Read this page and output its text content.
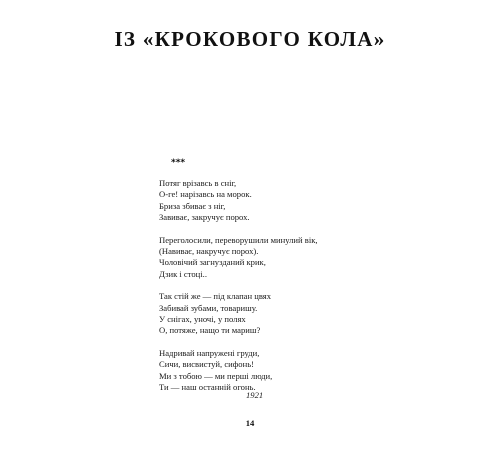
ІЗ «КРОКОВОГО КОЛА»
***
Потяг врізавсь в сніг,
О-ге! нарізавсь на морок.
Бриза збиває з ніг,
Завиває, закручує порох.
Переголосили, переворушили минулий вік,
(Навиває, накручує порох).
Чоловічий загнузданий крик,
Дзик і стоці..
Так стій же — під клапан цвях
Забивай зубами, товаришу.
У снігах, уночі, у полях
О, потяже, нащо ти мариш?
Надривай напружені груди,
Сичи, висвистуй, сифонь!
Ми з тобою — ми перші люди,
Ти — наш останній огонь.
1921
14
